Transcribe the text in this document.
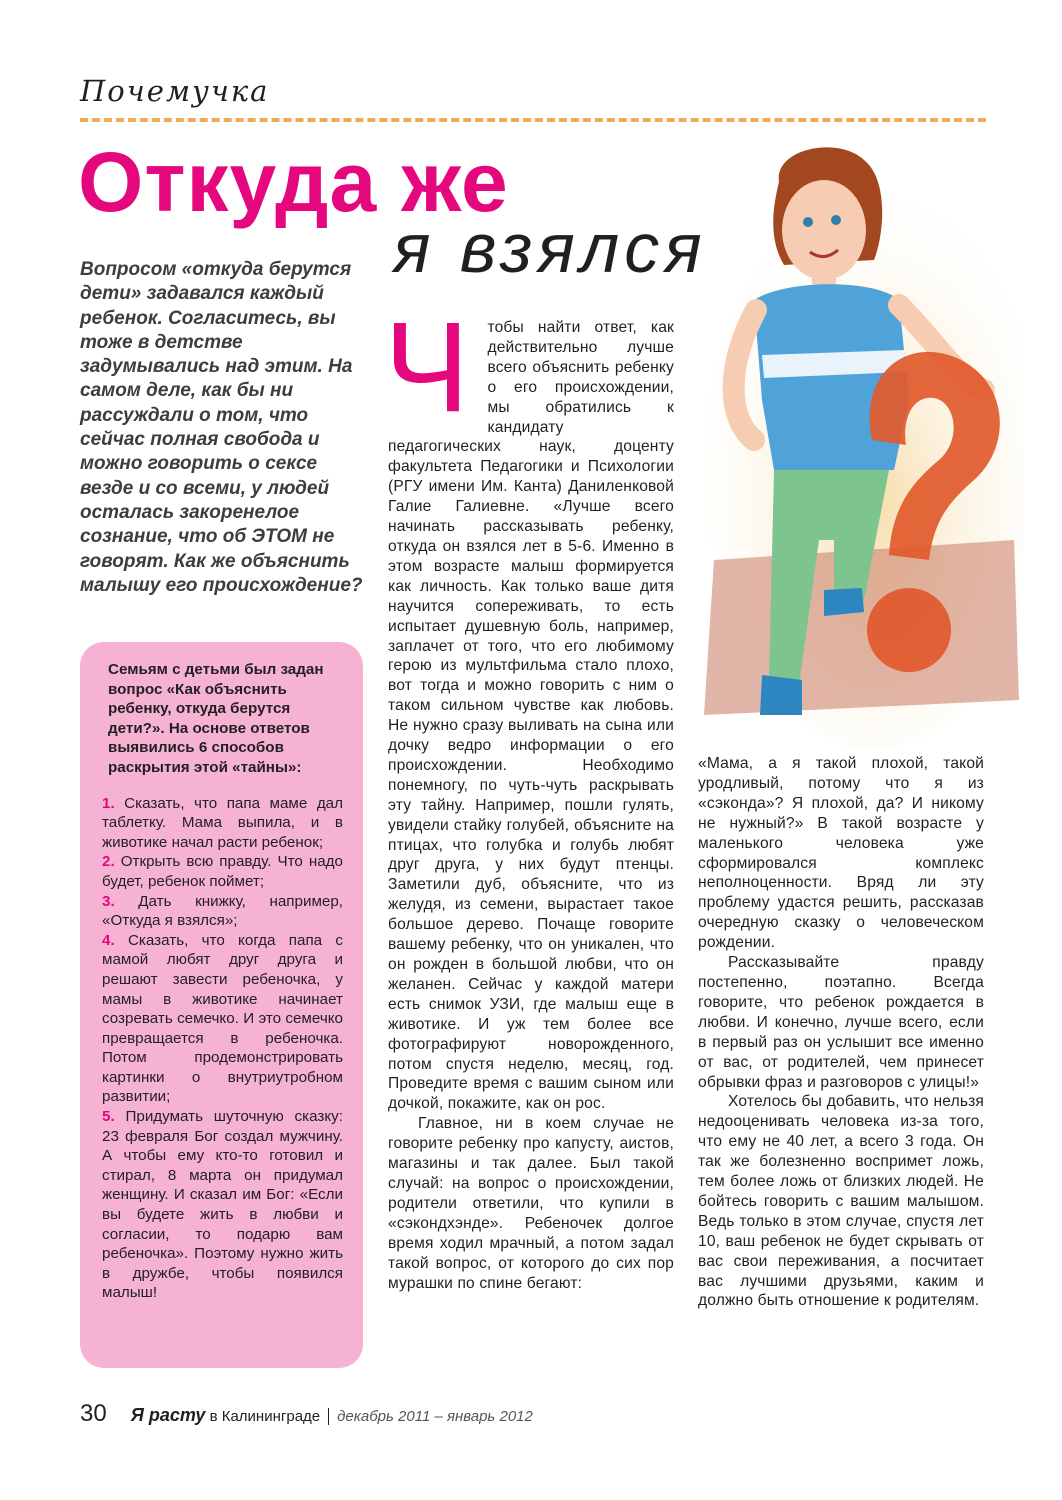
Почемучка
Откуда же
я взялся
Вопросом «откуда берутся дети» задавался каждый ребенок. Согласитесь, вы тоже в детстве задумывались над этим. На самом деле, как бы ни рассуждали о том, что сейчас полная свобода и можно говорить о сексе везде и со всеми, у людей осталась закоренелое сознание, что об ЭТОМ не говорят. Как же объяснить малышу его происхождение?
Семьям с детьми был задан вопрос «Как объяснить ребенку, откуда берутся дети?». На основе ответов выявились 6 способов раскрытия этой «тайны»:
1. Сказать, что папа маме дал таблетку. Мама выпила, и в животике начал расти ребенок;
2. Открыть всю правду. Что надо будет, ребенок поймет;
3. Дать книжку, например, «Откуда я взялся»;
4. Сказать, что когда папа с мамой любят друг друга и решают завести ребеночка, у мамы в животике начинает созревать семечко. И это семечко превращается в ребеночка. Потом продемонстрировать картинки о внутриутробном развитии;
5. Придумать шуточную сказку: 23 февраля Бог создал мужчину. А чтобы ему кто-то готовил и стирал, 8 марта он придумал женщину. И сказал им Бог: «Если вы будете жить в любви и согласии, то подарю вам ребеночка». Поэтому нужно жить в дружбе, чтобы появился малыш!
Ч	тобы найти ответ, как действительно лучше всего объяснить ребенку о его происхождении, мы обратились к кандидату педагогических наук, доценту факультета Педагогики и Психологии (РГУ имени Им. Канта) Даниленковой Галие Галиевне. «Лучше всего начинать рассказывать ребенку, откуда он взялся лет в 5-6. Именно в этом возрасте малыш формируется как личность. Как только ваше дитя научится сопереживать, то есть испытает душевную боль, например, заплачет от того, что его любимому герою из мультфильма стало плохо, вот тогда и можно говорить с ним о таком сильном чувстве как любовь. Не нужно сразу выливать на сына или дочку ведро информации о его происхождении. Необходимо понемногу, по чуть-чуть раскрывать эту тайну. Например, пошли гулять, увидели стайку голубей, объясните на птицах, что голубка и голубь любят друг друга, у них будут птенцы. Заметили дуб, объясните, что из желудя, из семени, вырастает такое большое дерево. Почаще говорите вашему ребенку, что он уникален, что он рожден в большой любви, что он желанен. Сейчас у каждой матери есть снимок УЗИ, где малыш еще в животике. И уж тем более все фотографируют новорожденного, потом спустя неделю, месяц, год. Проведите время с вашим сыном или дочкой, покажите, как он рос.

Главное, ни в коем случае не говорите ребенку про капусту, аистов, магазины и так далее. Был такой случай: на вопрос о происхождении, родители ответили, что купили в «сэкондхэнде». Ребеночек долгое время ходил мрачный, а потом задал такой вопрос, от которого до сих пор мурашки по спине бегают:

«Мама, а я такой плохой, такой уродливый, потому что я из «сэконда»? Я плохой, да? И никому не нужный?» В такой возрасте у маленького человека уже сформировался комплекс неполноценности. Вряд ли эту проблему удастся решить, рассказав очередную сказку о человеческом рождении.

Рассказывайте правду постепенно, поэтапно. Всегда говорите, что ребенок рождается в любви. И конечно, лучше всего, если в первый раз он услышит все именно от вас, от родителей, чем принесет обрывки фраз и разговоров с улицы!»

Хотелось бы добавить, что нельзя недооценивать человека из-за того, что ему не 40 лет, а всего 3 года. Он так же болезненно воспримет ложь, тем более ложь от близких людей. Не бойтесь говорить с вашим малышом. Ведь только в этом случае, спустя лет 10, ваш ребенок не будет скрывать от вас свои переживания, а посчитает вас лучшими друзьями, каким и должно быть отношение к родителям.

30 Я расту в Калининграде декабрь 2011 – январь 2012
